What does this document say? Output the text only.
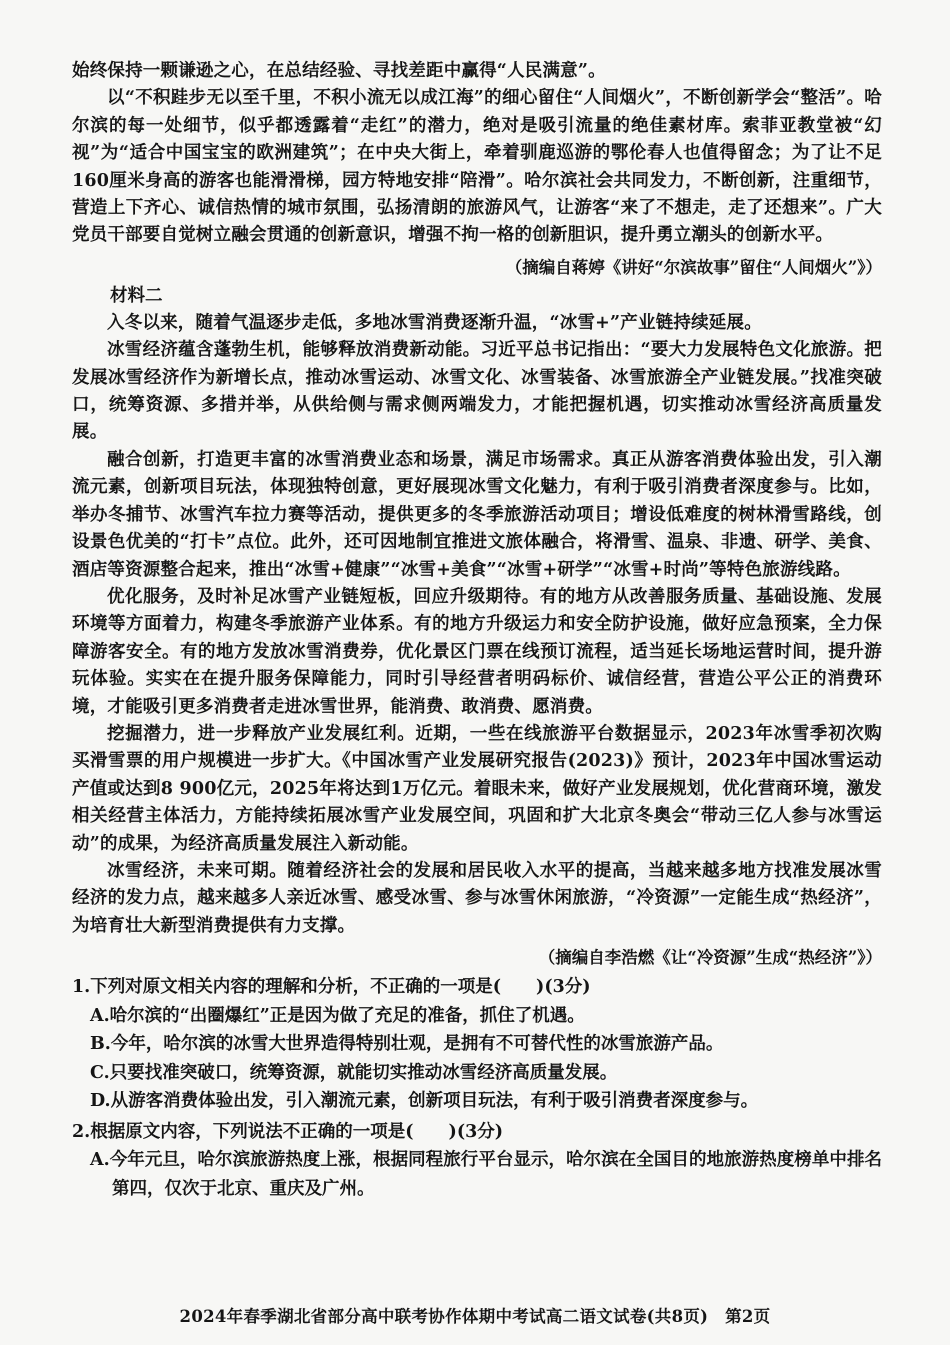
始终保持一颗谦逊之心，在总结经验、寻找差距中赢得“人民满意”。

以“不积跬步无以至千里，不积小流无以成江海”的细心留住“人间烟火”，不断创新学会“整活”。哈尔滨的每一处细节，似乎都透露着“走红”的潜力，绝对是吸引流量的绝佳素材库。索菲亚教堂被“幻视”为“适合中国宝宝的欧洲建筑”；在中央大街上，牵着驯鹿巡游的鄂伦春人也值得留念；为了让不足160厘米身高的游客也能滑滑梯，园方特地安排“陪滑”。哈尔滨社会共同发力，不断创新，注重细节，营造上下齐心、诚信热情的城市氛围，弘扬清朗的旅游风气，让游客“来了不想走，走了还想来”。广大党员干部要自觉树立融会贯通的创新意识，增强不拘一格的创新胆识，提升勇立潮头的创新水平。

（摘编自蒋婷《讲好“尔滨故事”留住“人间烟火”》）

材料二

入冬以来，随着气温逐步走低，多地冰雪消费逐渐升温，“冰雪+”产业链持续延展。

冰雪经济蕴含蓬勃生机，能够释放消费新动能。习近平总书记指出：“要大力发展特色文化旅游。把发展冰雪经济作为新增长点，推动冰雪运动、冰雪文化、冰雪装备、冰雪旅游全产业链发展。”找准突破口，统筹资源、多措并举，从供给侧与需求侧两端发力，才能把握机遇，切实推动冰雪经济高质量发展。

融合创新，打造更丰富的冰雪消费业态和场景，满足市场需求。真正从游客消费体验出发，引入潮流元素，创新项目玩法，体现独特创意，更好展现冰雪文化魅力，有利于吸引消费者深度参与。比如，举办冬捕节、冰雪汽车拉力赛等活动，提供更多的冬季旅游活动项目；增设低难度的树林滑雪路线，创设景色优美的“打卡”点位。此外，还可因地制宜推进文旅体融合，将滑雪、温泉、非遗、研学、美食、酒店等资源整合起来，推出“冰雪+健康”“冰雪+美食”“冰雪+研学”“冰雪+时尚”等特色旅游线路。

优化服务，及时补足冰雪产业链短板，回应升级期待。有的地方从改善服务质量、基础设施、发展环境等方面着力，构建冬季旅游产业体系。有的地方升级运力和安全防护设施，做好应急预案，全力保障游客安全。有的地方发放冰雪消费券，优化景区门票在线预订流程，适当延长场地运营时间，提升游玩体验。实实在在提升服务保障能力，同时引导经营者明码标价、诚信经营，营造公平公正的消费环境，才能吸引更多消费者走进冰雪世界，能消费、敢消费、愿消费。

挖掘潜力，进一步释放产业发展红利。近期，一些在线旅游平台数据显示，2023年冰雪季初次购买滑雪票的用户规模进一步扩大。《中国冰雪产业发展研究报告(2023)》预计，2023年中国冰雪运动产值或达到8 900亿元，2025年将达到1万亿元。着眼未来，做好产业发展规划，优化营商环境，激发相关经营主体活力，方能持续拓展冰雪产业发展空间，巩固和扩大北京冬奥会“带动三亿人参与冰雪运动”的成果，为经济高质量发展注入新动能。

冰雪经济，未来可期。随着经济社会的发展和居民收入水平的提高，当越来越多地方找准发展冰雪经济的发力点，越来越多人亲近冰雪、感受冰雪、参与冰雪休闲旅游，“冷资源”一定能生成“热经济”，为培育壮大新型消费提供有力支撑。

（摘编自李浩燃《让“冷资源”生成“热经济”》）

1.下列对原文相关内容的理解和分析，不正确的一项是(　　)(3分)

A.哈尔滨的“出圈爆红”正是因为做了充足的准备，抓住了机遇。

B.今年，哈尔滨的冰雪大世界造得特别壮观，是拥有不可替代性的冰雪旅游产品。

C.只要找准突破口，统筹资源，就能切实推动冰雪经济高质量发展。

D.从游客消费体验出发，引入潮流元素，创新项目玩法，有利于吸引消费者深度参与。

2.根据原文内容，下列说法不正确的一项是(　　)(3分)

A.今年元旦，哈尔滨旅游热度上涨，根据同程旅行平台显示，哈尔滨在全国目的地旅游热度榜单中排名第四，仅次于北京、重庆及广州。

2024年春季湖北省部分高中联考协作体期中考试高二语文试卷(共8页)　第2页
